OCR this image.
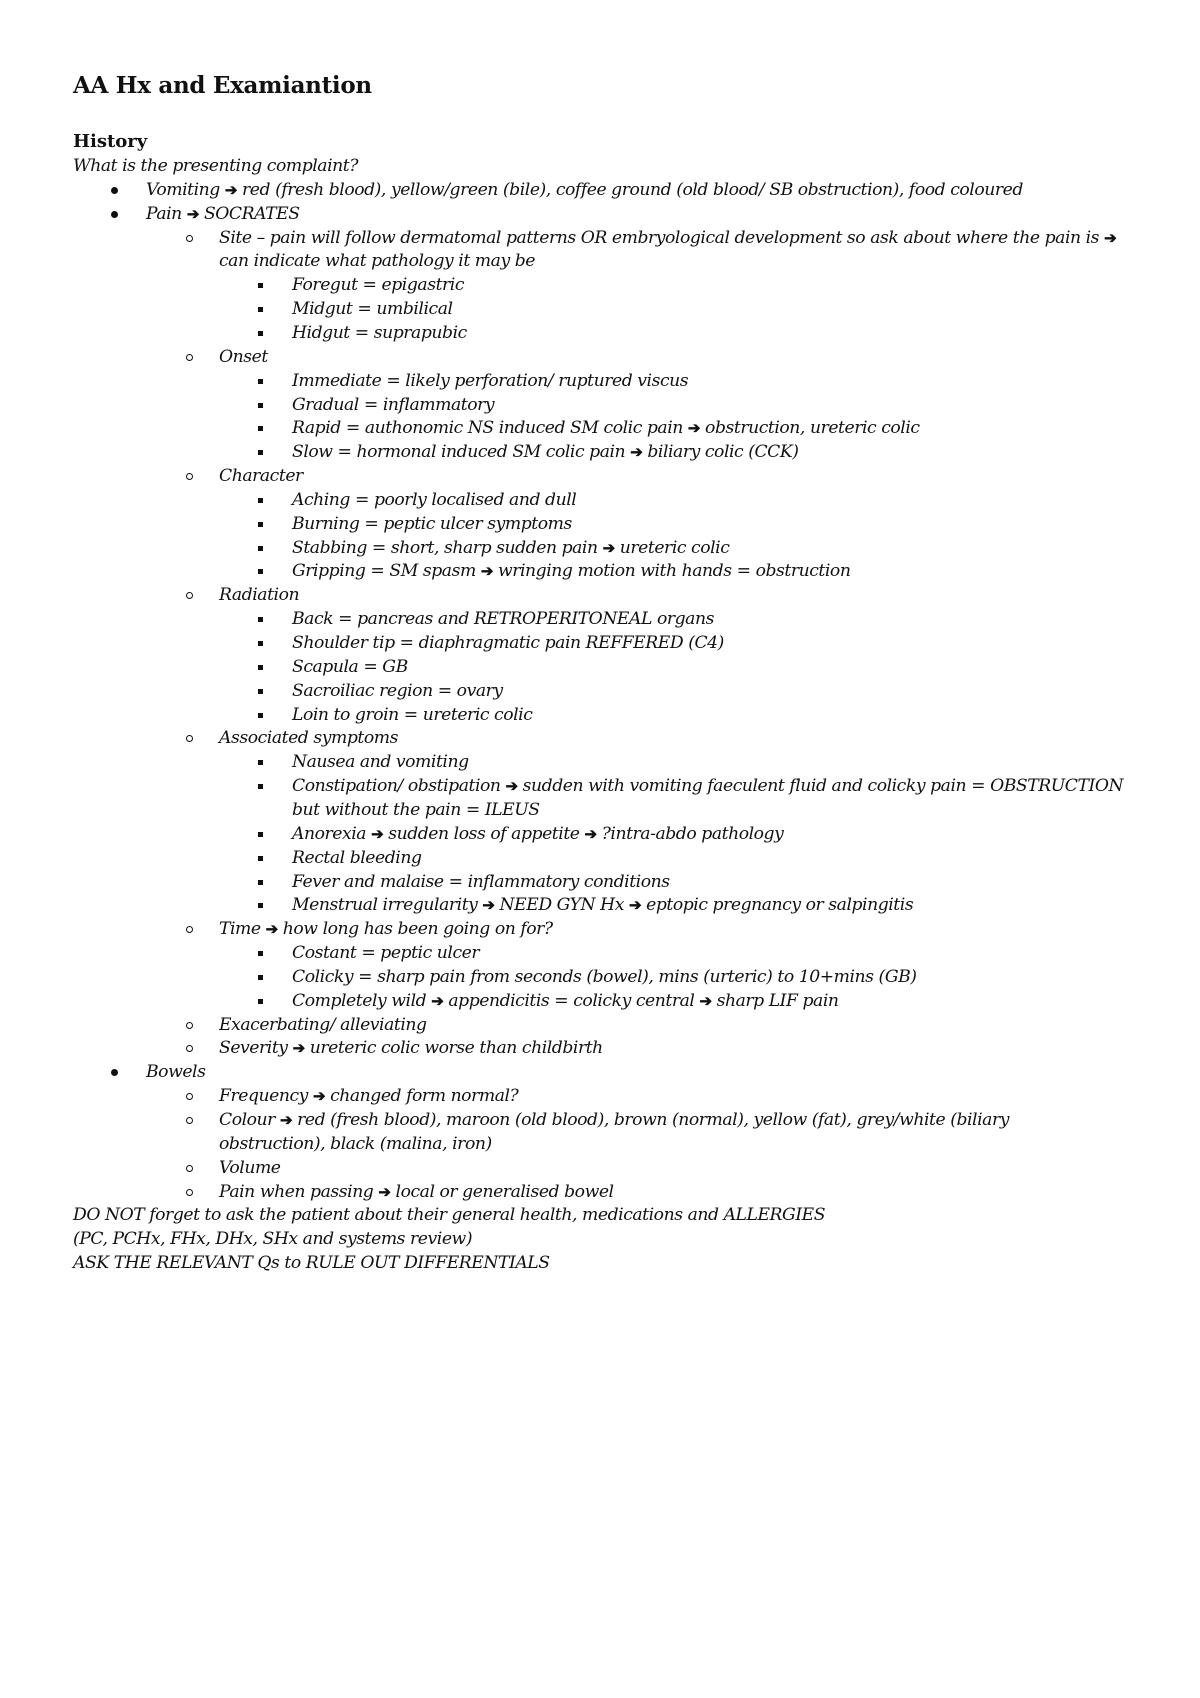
AA Hx and Examiantion
History
What is the presenting complaint?
Vomiting ➔ red (fresh blood), yellow/green (bile), coffee ground (old blood/ SB obstruction), food coloured
Pain ➔ SOCRATES
Site – pain will follow dermatomal patterns OR embryological development so ask about where the pain is ➔
can indicate what pathology it may be
Foregut = epigastric
Midgut = umbilical
Hidgut = suprapubic
Onset
Immediate = likely perforation/ ruptured viscus
Gradual = inflammatory
Rapid = authonomic NS induced SM colic pain ➔ obstruction, ureteric colic
Slow = hormonal induced SM colic pain ➔ biliary colic (CCK)
Character
Aching = poorly localised and dull
Burning = peptic ulcer symptoms
Stabbing = short, sharp sudden pain ➔ ureteric colic
Gripping = SM spasm ➔ wringing motion with hands = obstruction
Radiation
Back = pancreas and RETROPERITONEAL organs
Shoulder tip = diaphragmatic pain REFFERED (C4)
Scapula = GB
Sacroiliac region = ovary
Loin to groin = ureteric colic
Associated symptoms
Nausea and vomiting
Constipation/ obstipation ➔ sudden with vomiting faeculent fluid and colicky pain = OBSTRUCTION
but without the pain = ILEUS
Anorexia ➔ sudden loss of appetite ➔ ?intra-abdo pathology
Rectal bleeding
Fever and malaise = inflammatory conditions
Menstrual irregularity ➔ NEED GYN Hx ➔ eptopic pregnancy or salpingitis
Time ➔ how long has been going on for?
Costant = peptic ulcer
Colicky = sharp pain from seconds (bowel), mins (urteric) to 10+mins (GB)
Completely wild ➔ appendicitis = colicky central ➔ sharp LIF pain
Exacerbating/ alleviating
Severity ➔ ureteric colic worse than childbirth
Bowels
Frequency ➔ changed form normal?
Colour ➔ red (fresh blood), maroon (old blood), brown (normal), yellow (fat), grey/white (biliary
obstruction), black (malina, iron)
Volume
Pain when passing ➔ local or generalised bowel
DO NOT forget to ask the patient about their general health, medications and ALLERGIES
(PC, PCHx, FHx, DHx, SHx and systems review)
ASK THE RELEVANT Qs to RULE OUT DIFFERENTIALS
